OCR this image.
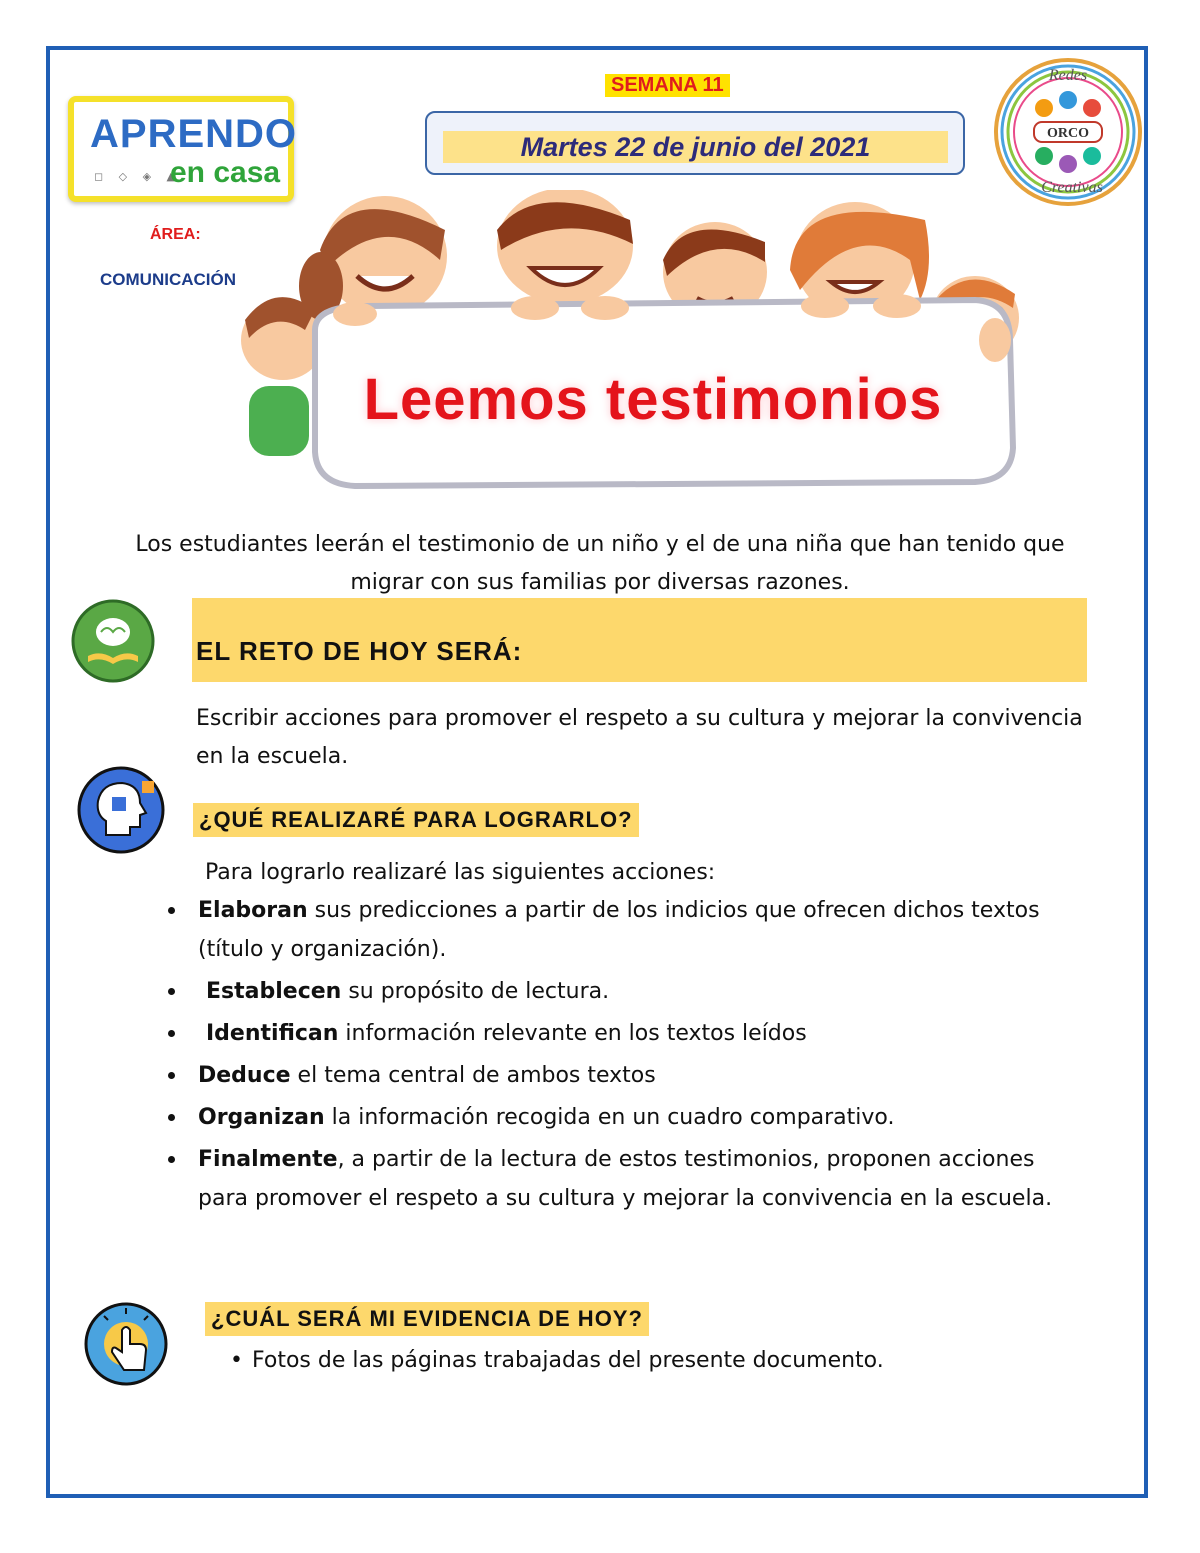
APRENDO
◻ ◇ ◈ ▲
en casa
ÁREA:
COMUNICACIÓN
SEMANA 11
Martes 22 de junio del 2021	ORCO
Redes
Creativas
Leemos testimonios
Los estudiantes leerán el testimonio de un niño y el de una niña que han tenido que migrar con sus familias por diversas razones.
EL RETO DE HOY SERÁ:
Escribir acciones para promover el respeto a su cultura y mejorar la convivencia en la escuela.
¿QUÉ REALIZARÉ PARA LOGRARLO?
Para lograrlo realizaré las siguientes acciones:
Elaboran sus predicciones a partir de los indicios que ofrecen dichos textos (título y organización).
Establecen su propósito de lectura.
Identifican información relevante en los textos leídos
Deduce el tema central de ambos textos
Organizan la información recogida en un cuadro comparativo.
Finalmente, a partir de la lectura de estos testimonios, proponen acciones para promover el respeto a su cultura y mejorar la convivencia en la escuela.
¿CUÁL SERÁ MI EVIDENCIA DE HOY?
• Fotos de las páginas trabajadas del presente documento.
